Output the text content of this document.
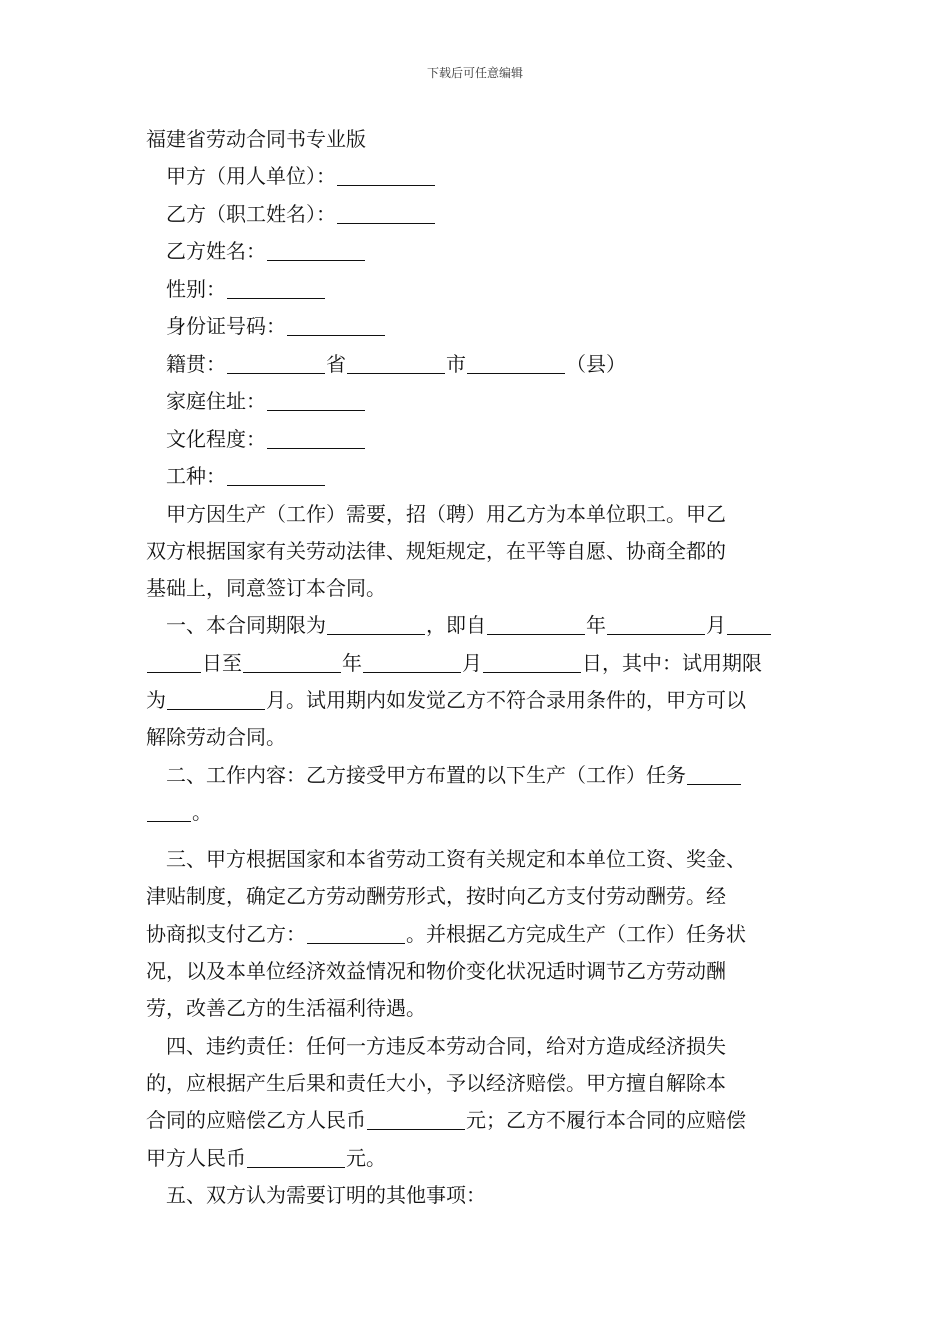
下载后可任意编辑
福建省劳动合同书专业版
甲方（用人单位）：
乙方（职工姓名）：
乙方姓名：
性别：
身份证号码：
籍贯：	省	市	（县）
家庭住址：
文化程度：
工种：
甲方因生产（工作）需要，招（聘）用乙方为本单位职工。甲乙
双方根据国家有关劳动法律、规矩规定，在平等自愿、协商全都的
基础上，同意签订本合同。
一、本合同期限为	，即自	年	月
日至	年	月	日，其中：试用期限
为	月。试用期内如发觉乙方不符合录用条件的，甲方可以
解除劳动合同。
二、工作内容：乙方接受甲方布置的以下生产（工作）任务
。
三、甲方根据国家和本省劳动工资有关规定和本单位工资、奖金、
津贴制度，确定乙方劳动酬劳形式，按时向乙方支付劳动酬劳。经
协商拟支付乙方：	。并根据乙方完成生产（工作）任务状
况，以及本单位经济效益情况和物价变化状况适时调节乙方劳动酬
劳，改善乙方的生活福利待遇。
四、违约责任：任何一方违反本劳动合同，给对方造成经济损失
的，应根据产生后果和责任大小，予以经济赔偿。甲方擅自解除本
合同的应赔偿乙方人民币	元；乙方不履行本合同的应赔偿
甲方人民币	元。
五、双方认为需要订明的其他事项：
